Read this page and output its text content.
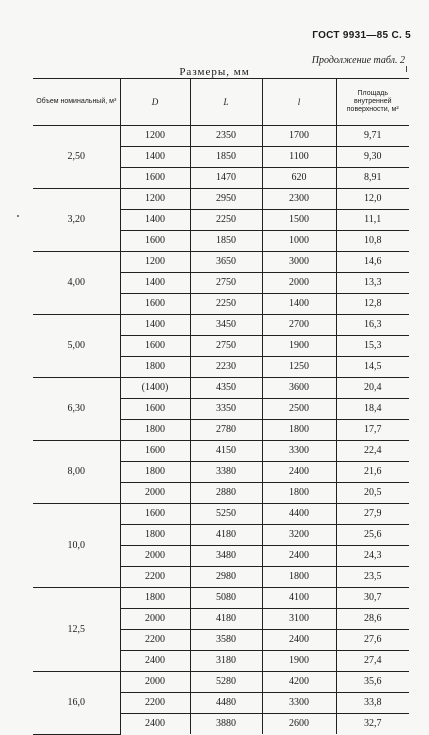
ГОСТ 9931—85 С. 5
Продолжение табл. 2
Размеры, мм
Объем номинальный, м³	D	L	l	Площадь внутренней поверхности, м²

2,50	1200	2350	1700	9,71
	1400	1850	1100	9,30
	1600	1470	620	8,91
3,20	1200	2950	2300	12,0
	1400	2250	1500	11,1
	1600	1850	1000	10,8
4,00	1200	3650	3000	14,6
	1400	2750	2000	13,3
	1600	2250	1400	12,8
5,00	1400	3450	2700	16,3
	1600	2750	1900	15,3
	1800	2230	1250	14,5
6,30	(1400)	4350	3600	20,4
	1600	3350	2500	18,4
	1800	2780	1800	17,7
8,00	1600	4150	3300	22,4
	1800	3380	2400	21,6
	2000	2880	1800	20,5
10,0	1600	5250	4400	27,9
	1800	4180	3200	25,6
	2000	3480	2400	24,3
	2200	2980	1800	23,5
12,5	1800	5080	4100	30,7
	2000	4180	3100	28,6
	2200	3580	2400	27,6
	2400	3180	1900	27,4
16,0	2000	5280	4200	35,6
	2200	4480	3300	33,8
	2400	3880	2600	32,7
